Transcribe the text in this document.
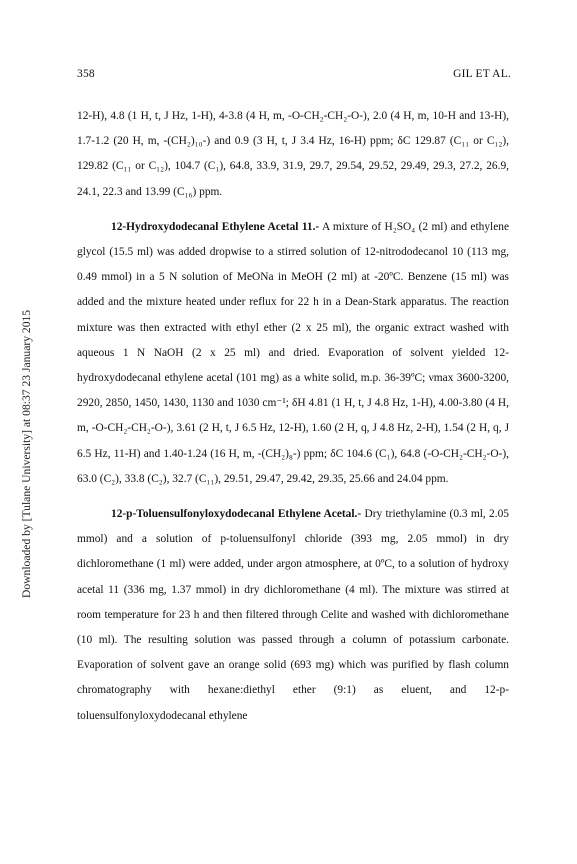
358	GIL ET AL.
Downloaded by [Tulane University] at 08:37 23 January 2015

12-H), 4.8 (1 H, t, J Hz, 1-H), 4-3.8 (4 H, m, -O-CH₂-CH₂-O-), 2.0 (4 H, m, 10-H and 13-H), 1.7-1.2 (20 H, m, -(CH₂)₁₀-) and 0.9 (3 H, t, J 3.4 Hz, 16-H) ppm; δC 129.87 (C₁₁ or C₁₂), 129.82 (C₁₁ or C₁₂), 104.7 (C₁), 64.8, 33.9, 31.9, 29.7, 29.54, 29.52, 29.49, 29.3, 27.2, 26.9, 24.1, 22.3 and 13.99 (C₁₆) ppm.

12-Hydroxydodecanal Ethylene Acetal 11.- A mixture of H₂SO₄ (2 ml) and ethylene glycol (15.5 ml) was added dropwise to a stirred solution of 12-nitrododecanol 10 (113 mg, 0.49 mmol) in a 5 N solution of MeONa in MeOH (2 ml) at -20ºC. Benzene (15 ml) was added and the mixture heated under reflux for 22 h in a Dean-Stark apparatus. The reaction mixture was then extracted with ethyl ether (2 x 25 ml), the organic extract washed with aqueous 1 N NaOH (2 x 25 ml) and dried. Evaporation of solvent yielded 12-hydroxydodecanal ethylene acetal (101 mg) as a white solid, m.p. 36-39ºC; νmax 3600-3200, 2920, 2850, 1450, 1430, 1130 and 1030 cm⁻¹; δH 4.81 (1 H, t, J 4.8 Hz, 1-H), 4.00-3.80 (4 H, m, -O-CH₂-CH₂-O-), 3.61 (2 H, t, J 6.5 Hz, 12-H), 1.60 (2 H, q, J 4.8 Hz, 2-H), 1.54 (2 H, q, J 6.5 Hz, 11-H) and 1.40-1.24 (16 H, m, -(CH₂)₈-) ppm; δC 104.6 (C₁), 64.8 (-O-CH₂-CH₂-O-), 63.0 (C₂), 33.8 (C₂), 32.7 (C₁₁), 29.51, 29.47, 29.42, 29.35, 25.66 and 24.04 ppm.

12-p-Toluensulfonyloxydodecanal Ethylene Acetal.- Dry triethylamine (0.3 ml, 2.05 mmol) and a solution of p-toluensulfonyl chloride (393 mg, 2.05 mmol) in dry dichloromethane (1 ml) were added, under argon atmosphere, at 0ºC, to a solution of hydroxy acetal 11 (336 mg, 1.37 mmol) in dry dichloromethane (4 ml). The mixture was stirred at room temperature for 23 h and then filtered through Celite and washed with dichloromethane (10 ml). The resulting solution was passed through a column of potassium carbonate. Evaporation of solvent gave an orange solid (693 mg) which was purified by flash column chromatography with hexane:diethyl ether (9:1) as eluent, and 12-p-toluensulfonyloxydodecanal ethylene
